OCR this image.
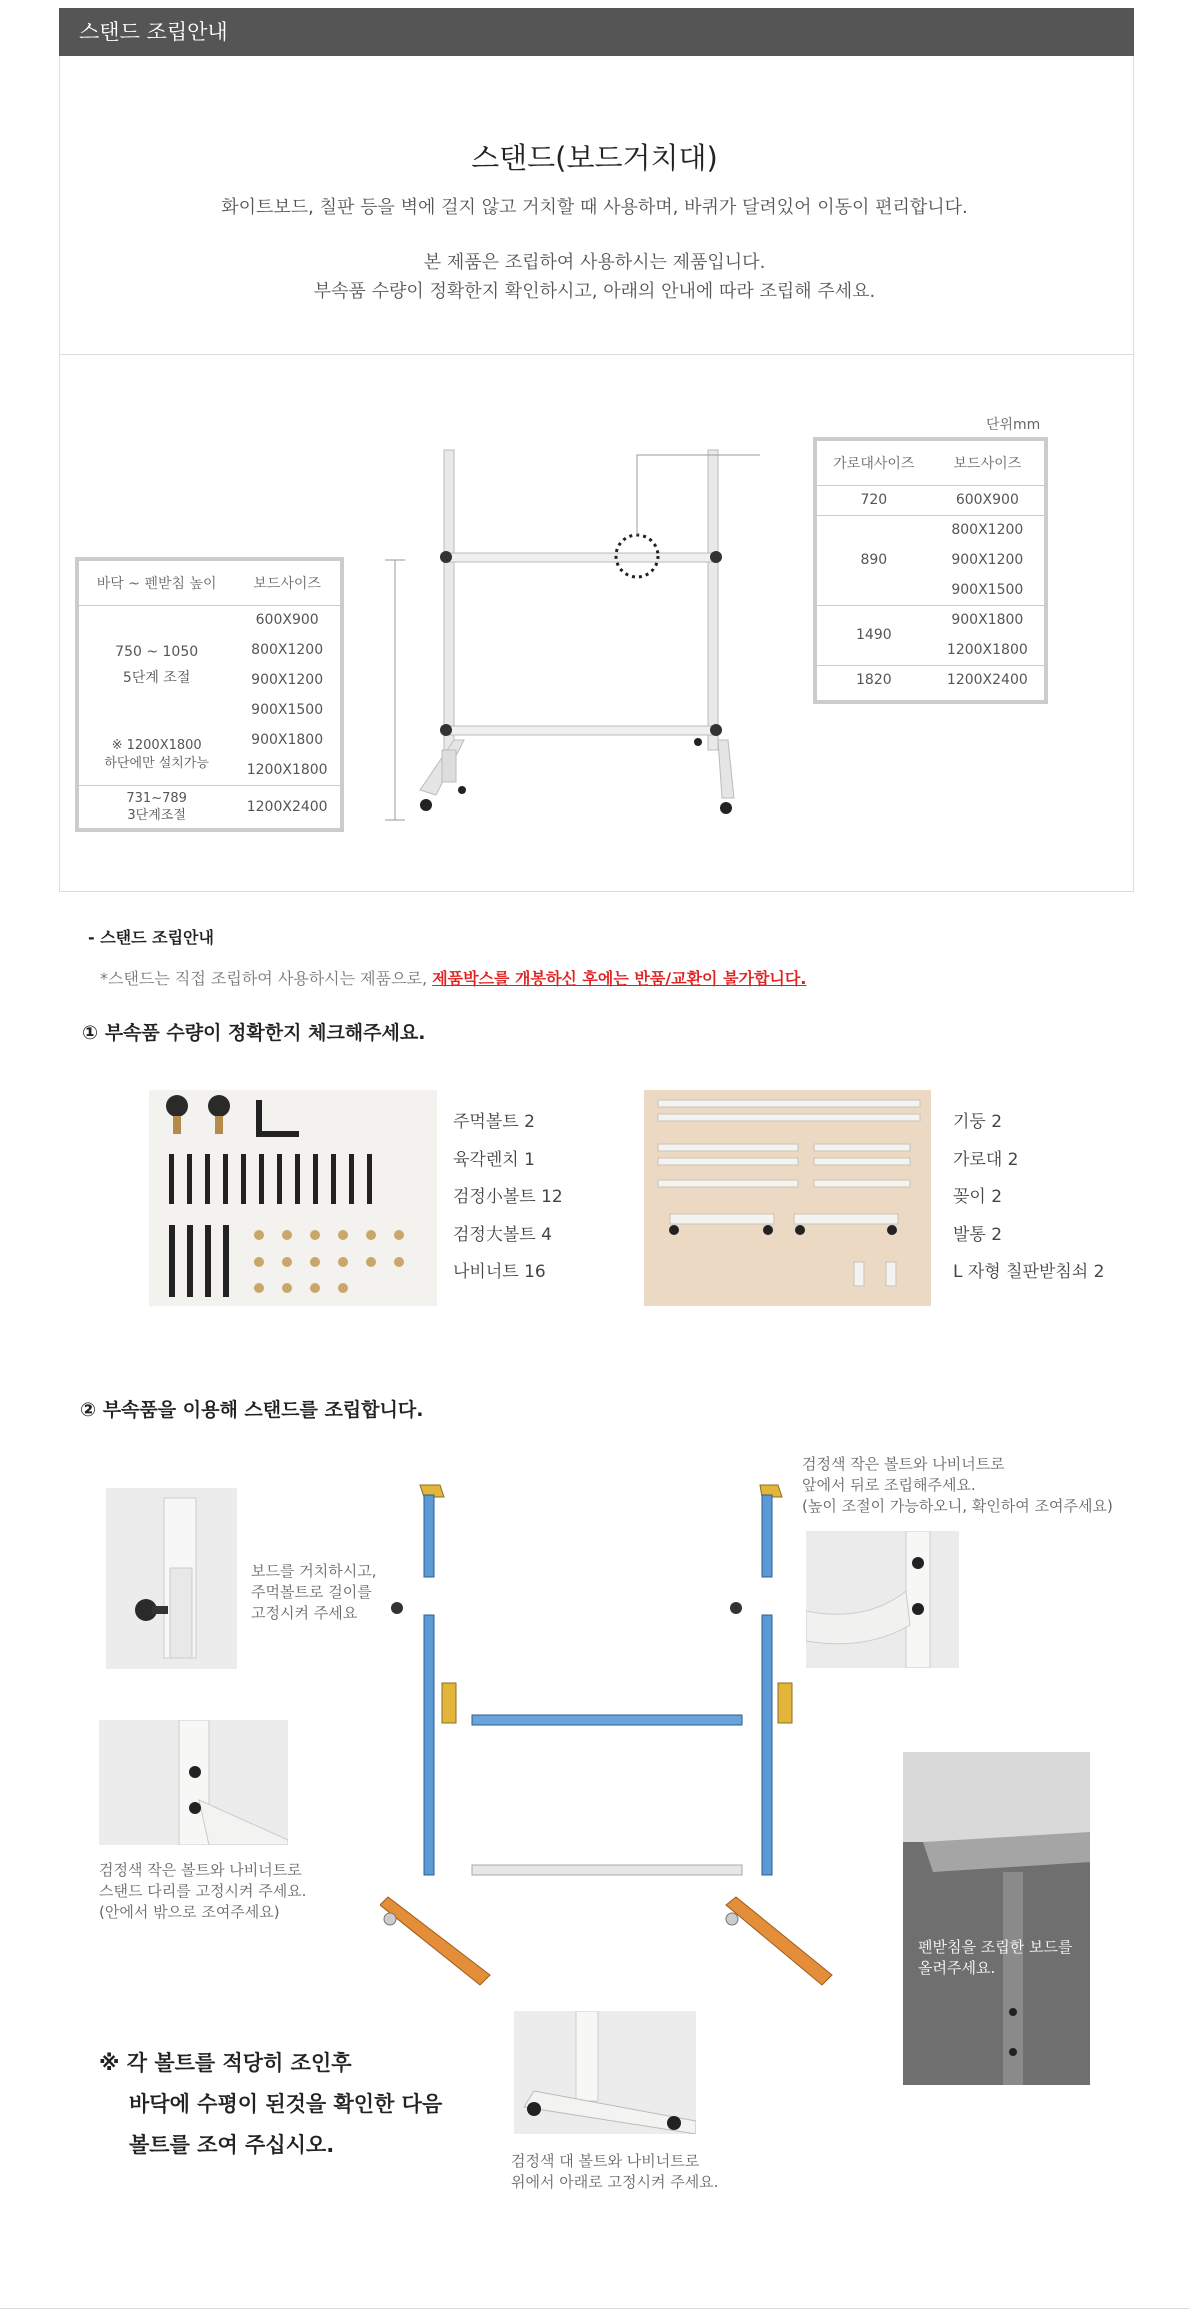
스탠드 조립안내
스탠드(보드거치대)
화이트보드, 칠판 등을 벽에 걸지 않고 거치할 때 사용하며, 바퀴가 달려있어 이동이 편리합니다.
본 제품은 조립하여 사용하시는 제품입니다.
부속품 수량이 정확한지 확인하시고, 아래의 안내에 따라 조립해 주세요.
바닥 ~ 펜받침 높이	보드사이즈

750 ~ 1050
5단계 조절	600X900
	800X1200
	900X1200
	900X1500

※ 1200X1800
하단에만 설치가능	900X1800
	1200X1800

731~789
3단계조절	1200X2400
단위mm
가로대사이즈	보드사이즈
720	600X900
890	800X1200
	900X1200
	900X1500
1490	900X1800
	1200X1800
1820	1200X2400
- 스탠드 조립안내
*스탠드는 직접 조립하여 사용하시는 제품으로, 제품박스를 개봉하신 후에는 반품/교환이 불가합니다.
① 부속품 수량이 정확한지 체크해주세요.
주먹볼트 2
육각렌치 1
검정小볼트 12
검정大볼트 4
나비너트 16
기둥 2
가로대 2
꽂이 2
발통 2
L 자형 칠판받침쇠 2
② 부속품을 이용해 스탠드를 조립합니다.
보드를 거치하시고,
주먹볼트로 걸이를
고정시켜 주세요
검정색 작은 볼트와 나비너트로
스탠드 다리를 고정시켜 주세요.
(안에서 밖으로 조여주세요)
검정색 작은 볼트와 나비너트로
앞에서 뒤로 조립해주세요.
(높이 조절이 가능하오니, 확인하여 조여주세요)
펜받침을 조립한 보드를
올려주세요.
검정색 대 볼트와 나비너트로
위에서 아래로 고정시켜 주세요.
※ 각 볼트를 적당히 조인후
바닥에 수평이 된것을 확인한 다음
볼트를 조여 주십시오.
